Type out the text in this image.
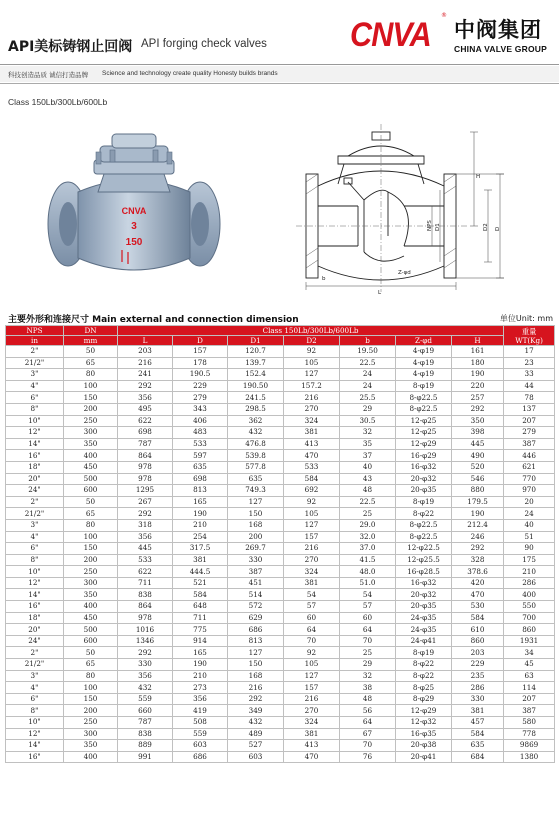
API美标铸钢止回阀 API forging check valves CNVA
®
中阀集团
CHINA VALVE GROUP
科技创造品质 诚信打造品牌 Science and technology create quality Honesty builds brands
Class 150Lb/300Lb/600Lb
CNVA
3
150
H
NPS D1	D2 D
Z-φd
b
L
主要外形和连接尺寸 Main external and connection dimension	单位Unit: mm
NPS	DN	Class 150Lb/300Lb/600Lb							重量
WT(Kg)

in	mm	L	D	D1	D2	b	Z-φd	H	
2"	50	203	157	120.7	92	19.50	4-φ19	161	17
21/2"	65	216	178	139.7	105	22.5	4-φ19	180	23
3"	80	241	190.5	152.4	127	24	4-φ19	190	33
4"	100	292	229	190.50	157.2	24	8-φ19	220	44
6"	150	356	279	241.5	216	25.5	8-φ22.5	257	78
8"	200	495	343	298.5	270	29	8-φ22.5	292	137
10"	250	622	406	362	324	30.5	12-φ25	350	207
12"	300	698	483	432	381	32	12-φ25	398	279
14"	350	787	533	476.8	413	35	12-φ29	445	387
16"	400	864	597	539.8	470	37	16-φ29	490	446
18"	450	978	635	577.8	533	40	16-φ32	520	621
20"	500	978	698	635	584	43	20-φ32	546	770
24"	600	1295	813	749.3	692	48	20-φ35	880	970
2"	50	267	165	127	92	22.5	8-φ19	179.5	20
21/2"	65	292	190	150	105	25	8-φ22	190	24
3"	80	318	210	168	127	29.0	8-φ22.5	212.4	40
4"	100	356	254	200	157	32.0	8-φ22.5	246	51
6"	150	445	317.5	269.7	216	37.0	12-φ22.5	292	90
8"	200	533	381	330	270	41.5	12-φ25.5	328	175
10"	250	622	444.5	387	324	48.0	16-φ28.5	378.6	210
12"	300	711	521	451	381	51.0	16-φ32	420	286
14"	350	838	584	514	54	54	20-φ32	470	400
16"	400	864	648	572	57	57	20-φ35	530	550
18"	450	978	711	629	60	60	24-φ35	584	700
20"	500	1016	775	686	64	64	24-φ35	610	860
24"	600	1346	914	813	70	70	24-φ41	860	1931
2"	50	292	165	127	92	25	8-φ19	203	34
21/2"	65	330	190	150	105	29	8-φ22	229	45
3"	80	356	210	168	127	32	8-φ22	235	63
4"	100	432	273	216	157	38	8-φ25	286	114
6"	150	559	356	292	216	48	8-φ29	330	207
8"	200	660	419	349	270	56	12-φ29	381	387
10"	250	787	508	432	324	64	12-φ32	457	580
12"	300	838	559	489	381	67	16-φ35	584	778
14"	350	889	603	527	413	70	20-φ38	635	9869
16"	400	991	686	603	470	76	20-φ41	684	1380
